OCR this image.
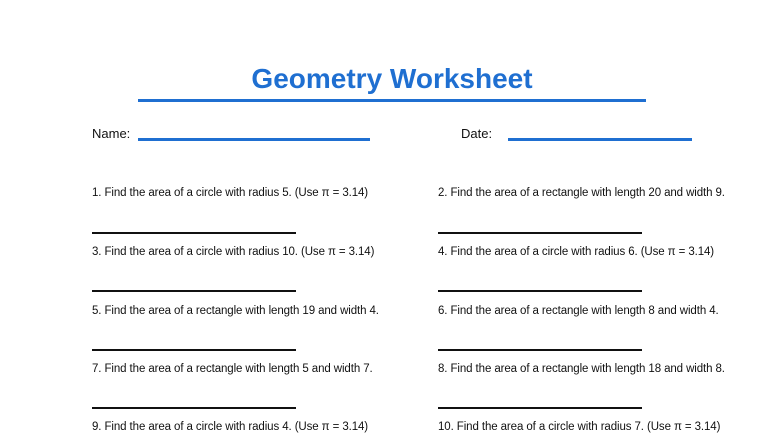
Geometry Worksheet
Name:	Date:
1. Find the area of a circle with radius 5. (Use π = 3.14)	2. Find the area of a rectangle with length 20 and width 9.
3. Find the area of a circle with radius 10. (Use π = 3.14)	4. Find the area of a circle with radius 6. (Use π = 3.14)
5. Find the area of a rectangle with length 19 and width 4.	6. Find the area of a rectangle with length 8 and width 4.
7. Find the area of a rectangle with length 5 and width 7.	8. Find the area of a rectangle with length 18 and width 8.
9. Find the area of a circle with radius 4. (Use π = 3.14)	10. Find the area of a circle with radius 7. (Use π = 3.14)
